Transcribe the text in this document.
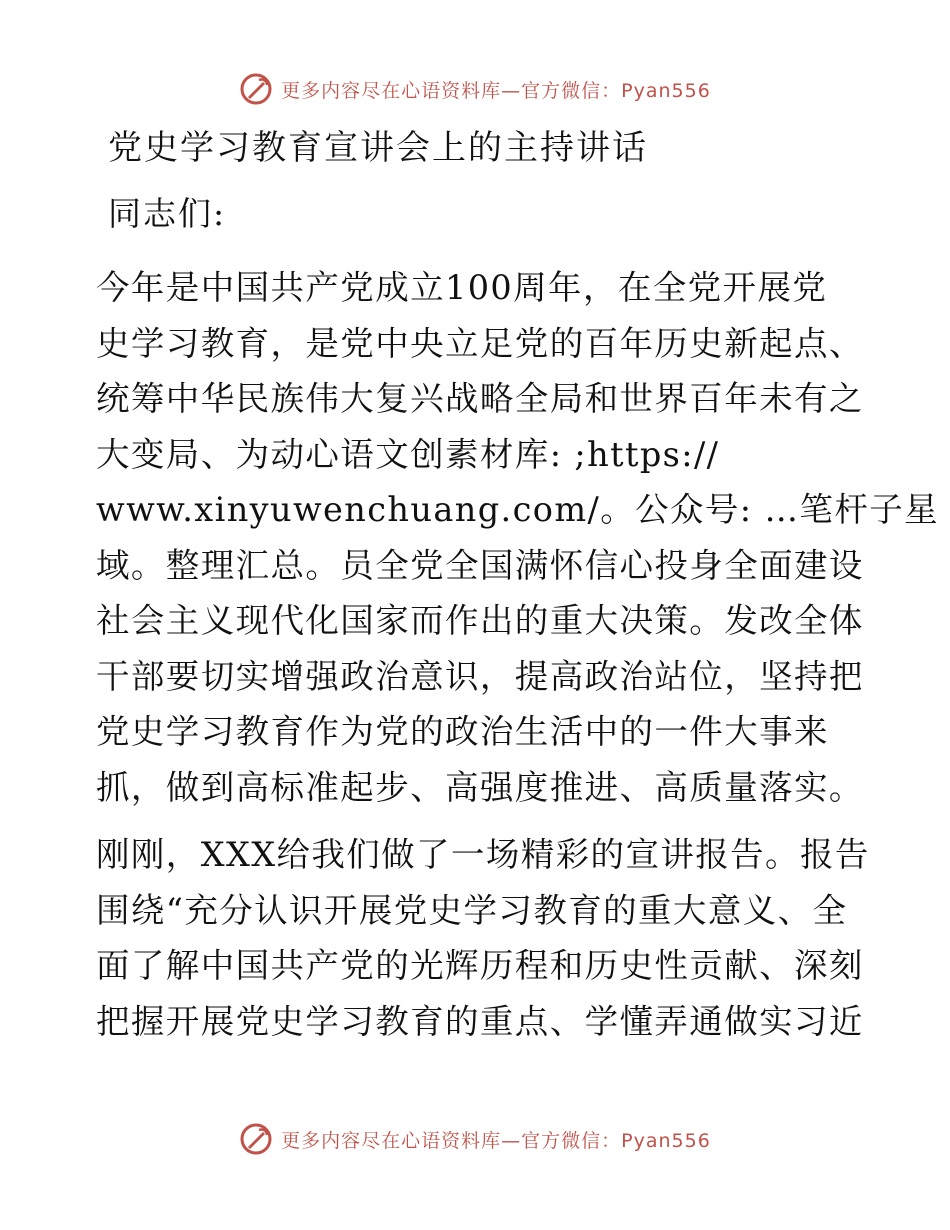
更多内容尽在心语资料库—官方微信：Pyan556
党史学习教育宣讲会上的主持讲话

同志们:

今年是中国共产党成立100周年，在全党开展党
史学习教育，是党中央立足党的百年历史新起点、
统筹中华民族伟大复兴战略全局和世界百年未有之
大变局、为动心语文创素材库: ;https://
www.xinyuwenchuang.com/。公众号: …笔杆子星
域。整理汇总。员全党全国满怀信心投身全面建设
社会主义现代化国家而作出的重大决策。发改全体
干部要切实增强政治意识，提高政治站位，坚持把
党史学习教育作为党的政治生活中的一件大事来
抓，做到高标准起步、高强度推进、高质量落实。

刚刚，XXX给我们做了一场精彩的宣讲报告。报告
围绕“充分认识开展党史学习教育的重大意义、全
面了解中国共产党的光辉历程和历史性贡献、深刻
把握开展党史学习教育的重点、学懂弄通做实习近

更多内容尽在心语资料库—官方微信：Pyan556
